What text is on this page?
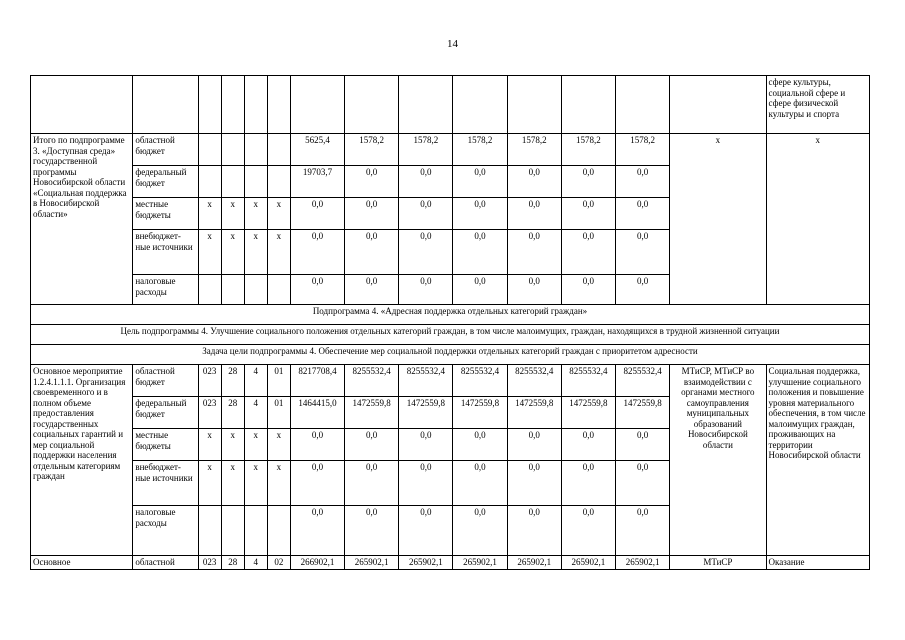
14
														сфере культуры, социальной сфере и сфере физической культуры и спорта
Итого по подпрограмме 3. «Доступная среда» государственной программы Новосибирской области «Социальная поддержка в Новосибирской области»	областной бюджет					5625,4	1578,2	1578,2	1578,2	1578,2	1578,2	1578,2	х	х
	федеральный бюджет					19703,7	0,0	0,0	0,0	0,0	0,0	0,0		
	местные бюджеты	х	х	х	х	0,0	0,0	0,0	0,0	0,0	0,0	0,0		
	внебюджет-ные источники	х	х	х	х	0,0	0,0	0,0	0,0	0,0	0,0	0,0		
	налоговые расходы					0,0	0,0	0,0	0,0	0,0	0,0	0,0		
Подпрограмма 4. «Адресная поддержка отдельных категорий граждан»														
Цель подпрограммы 4. Улучшение социального положения отдельных категорий граждан, в том числе малоимущих, граждан, находящихся в трудной жизненной ситуации														
Задача цели подпрограммы 4. Обеспечение мер социальной поддержки отдельных категорий граждан с приоритетом адресности														
Основное мероприятие 1.2.4.1.1.1. Организация своевременного и в полном объеме предоставления государственных социальных гарантий и мер социальной поддержки населения отдельным категориям граждан	областной бюджет	023	28	4	01	8217708,4	8255532,4	8255532,4	8255532,4	8255532,4	8255532,4	8255532,4	МТиСР, МТиСР во взаимодействии с органами местного самоуправления муниципальных образований Новосибирской области	Социальная поддержка, улучшение социального положения и повышение уровня материального обеспечения, в том числе малоимущих граждан, проживающих на территории Новосибирской области
	федеральный бюджет	023	28	4	01	1464415,0	1472559,8	1472559,8	1472559,8	1472559,8	1472559,8	1472559,8		
	местные бюджеты	х	х	х	х	0,0	0,0	0,0	0,0	0,0	0,0	0,0		
	внебюджет-ные источники	х	х	х	х	0,0	0,0	0,0	0,0	0,0	0,0	0,0		
	налоговые расходы					0,0	0,0	0,0	0,0	0,0	0,0	0,0		
Основное	областной	023	28	4	02	266902,1	265902,1	265902,1	265902,1	265902,1	265902,1	265902,1	МТиСР	Оказание
